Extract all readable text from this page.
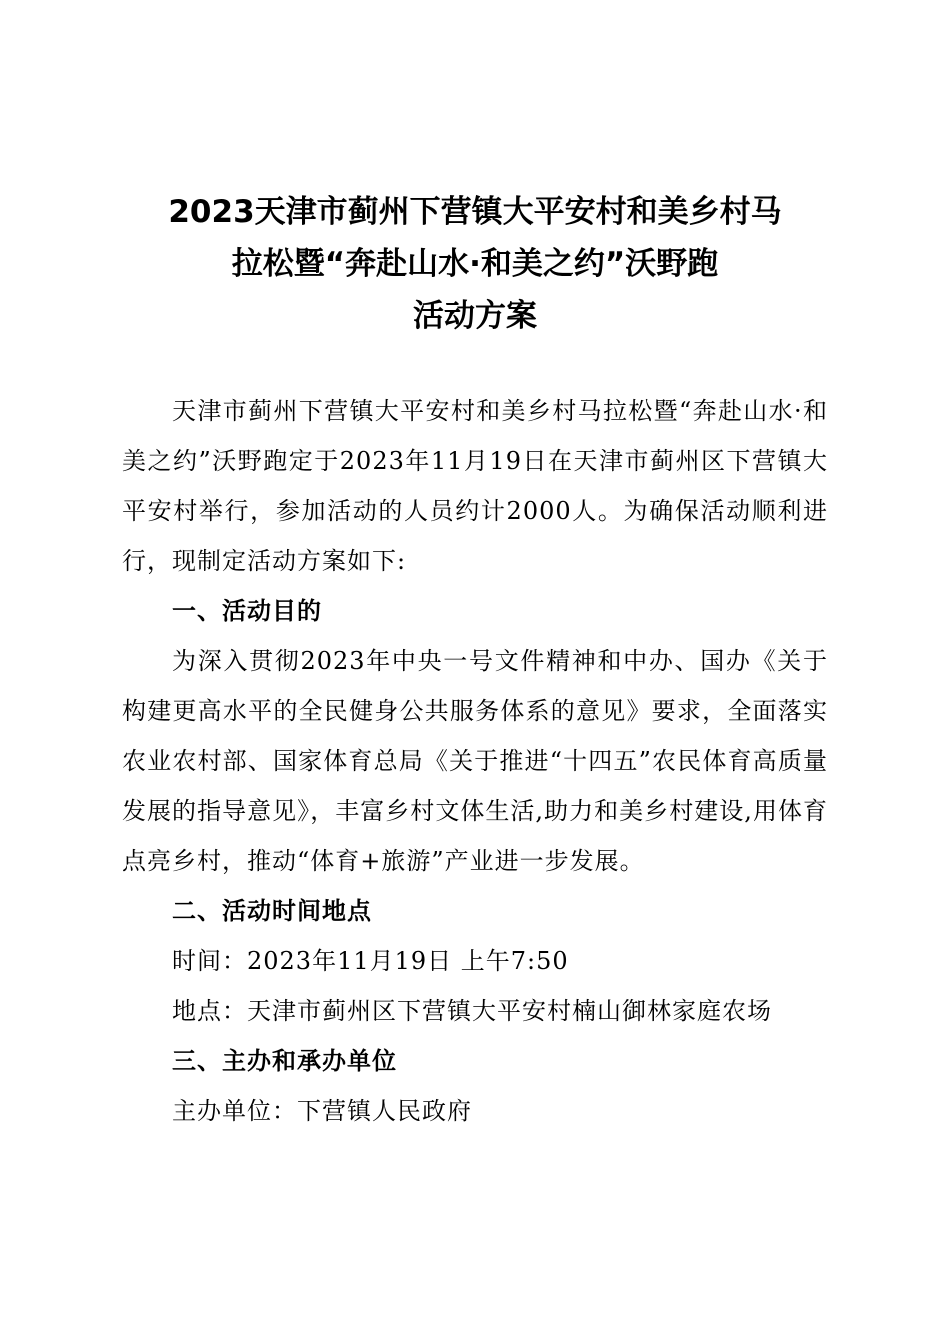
2023天津市蓟州下营镇大平安村和美乡村马
拉松暨“奔赴山水·和美之约”沃野跑
活动方案

天津市蓟州下营镇大平安村和美乡村马拉松暨“奔赴山水·和美之约”沃野跑定于2023年11月19日在天津市蓟州区下营镇大平安村举行，参加活动的人员约计2000人。为确保活动顺利进行，现制定活动方案如下:

一、活动目的

为深入贯彻2023年中央一号文件精神和中办、国办《关于构建更高水平的全民健身公共服务体系的意见》要求，全面落实农业农村部、国家体育总局《关于推进“十四五”农民体育高质量发展的指导意见》，丰富乡村文体生活,助力和美乡村建设,用体育点亮乡村，推动“体育+旅游”产业进一步发展。

二、活动时间地点

时间：2023年11月19日 上午7:50

地点：天津市蓟州区下营镇大平安村楠山御林家庭农场

三、主办和承办单位

主办单位：下营镇人民政府
